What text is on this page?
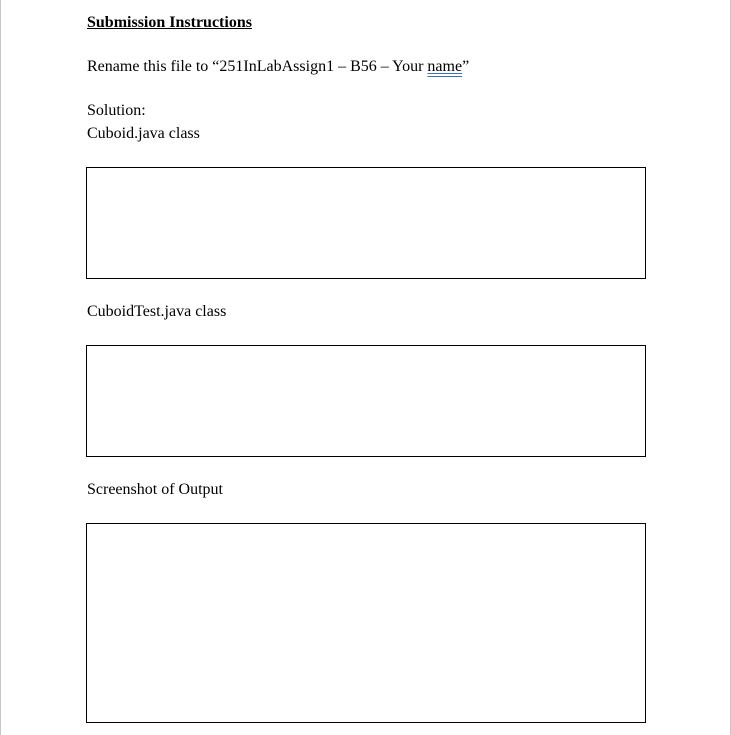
Submission Instructions
Rename this file to “251InLabAssign1 – B56 – Your name”
Solution:
Cuboid.java class
CuboidTest.java class
Screenshot of Output
